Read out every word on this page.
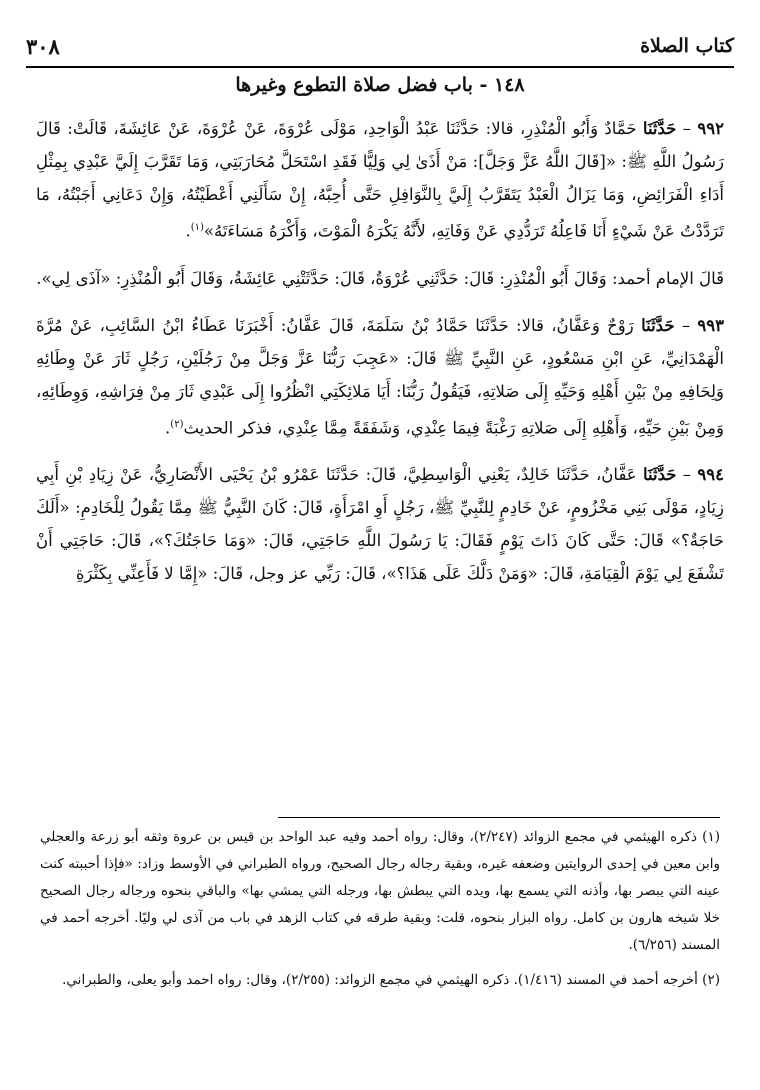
كتاب الصلاة
٣٠٨
١٤٨ - باب فضل صلاة التطوع وغيرها

٩٩٢ – حَدَّثَنَا حَمَّادٌ وَأَبُو الْمُنْذِرِ، قالا: حَدَّثَنَا عَبْدُ الْوَاحِدِ، مَوْلَى عُرْوَةَ، عَنْ عُرْوَةَ، عَنْ عَائِشَةَ، قَالَتْ: قَالَ رَسُولُ اللَّهِ ﷺ: «[قَالَ اللَّهُ عَزَّ وَجَلَّ]: مَنْ أَذَىٰ لِي وَلِيًّا فَقَدِ اسْتَحَلَّ مُحَارَبَتِي، وَمَا تَقَرَّبَ إِلَيَّ عَبْدِي بِمِثْلِ أَدَاءِ الْفَرَائِضِ، وَمَا يَزَالُ الْعَبْدُ يَتَقَرَّبُ إِلَيَّ بِالنَّوَافِلِ حَتَّى أُحِبَّهُ، إِنْ سَأَلَنِي أَعْطَيْتُهُ، وَإِنْ دَعَانِي أَجَبْتُهُ، مَا تَرَدَّدْتُ عَنْ شَيْءٍ أَنَا فَاعِلُهُ تَرَدُّدِي عَنْ وَفَاتِهِ، لأَنَّهُ يَكْرَهُ الْمَوْتَ، وَأَكْرَهُ مَسَاءَتَهُ»$^{(١)}$.

قَالَ الإمام أحمد: وَقَالَ أَبُو الْمُنْذِرِ: قَالَ: حَدَّثَنِي عُرْوَةُ، قَالَ: حَدَّثَتْنِي عَائِشَةُ، وَقَالَ أَبُو الْمُنْذِرِ: «آذَى لِي».

٩٩٣ – حَدَّثَنَا رَوْحٌ وَعَفَّانُ، قالا: حَدَّثَنَا حَمَّادُ بْنُ سَلَمَةَ، قَالَ عَفَّانُ: أَخْبَرَنَا عَطَاءُ ابْنُ السَّائِبِ، عَنْ مُرَّةَ الْهَمْدَانِيِّ، عَنِ ابْنِ مَسْعُودٍ، عَنِ النَّبِيِّ ﷺ قَالَ: «عَجِبَ رَبُّنَا عَزَّ وَجَلَّ مِنْ رَجُلَيْنِ، رَجُلٍ ثَارَ عَنْ وِطَائِهِ وَلِحَافِهِ مِنْ بَيْنِ أَهْلِهِ وَحَيِّهِ إِلَى صَلاتِهِ، فَيَقُولُ رَبُّنَا: أَيَا مَلائِكَتِي انْظُرُوا إِلَى عَبْدِي ثَارَ مِنْ فِرَاشِهِ، وَوِطَائِهِ، وَمِنْ بَيْنِ حَيِّهِ، وَأَهْلِهِ إِلَى صَلاتِهِ رَغْبَةً فِيمَا عِنْدِي، وَشَفَقَةً مِمَّا عِنْدِي، فذكر الحديث$^{(٢)}$.

٩٩٤ – حَدَّثَنَا عَفَّانُ، حَدَّثَنَا خَالِدٌ، يَعْنِي الْوَاسِطِيَّ، قَالَ: حَدَّثَنَا عَمْرُو بْنُ يَحْيَى الأَنْصَارِيُّ، عَنْ زِيَادِ بْنِ أَبِي زِيَادٍ، مَوْلَى بَنِي مَخْزُومٍ، عَنْ خَادِمٍ لِلنَّبِيِّ ﷺ، رَجُلٍ أَوِ امْرَأَةٍ، قَالَ: كَانَ النَّبِيُّ ﷺ مِمَّا يَقُولُ لِلْخَادِمِ: «أَلَكَ حَاجَةٌ؟» قَالَ: حَتَّى كَانَ ذَاتَ يَوْمٍ فَقَالَ: يَا رَسُولَ اللَّهِ حَاجَتِي، قَالَ: «وَمَا حَاجَتُكَ؟»، قَالَ: حَاجَتِي أَنْ تَشْفَعَ لِي يَوْمَ الْقِيَامَةِ، قَالَ: «وَمَنْ دَلَّكَ عَلَى هَذَا؟»، قَالَ: رَبِّي عز وجل، قَالَ: «إِمَّا لا فَأَعِنِّي بِكَثْرَةِ

(١) ذكره الهيثمي في مجمع الزوائد (٢/٢٤٧)، وقال: رواه أحمد وفيه عبد الواحد بن قيس بن عروة وثقه أبو زرعة والعجلي وابن معين في إحدى الروايتين وضعفه غيره، وبقية رجاله رجال الصحيح، ورواه الطبراني في الأوسط وزاد: «فإذا أحببته كنت عينه التي يبصر بها، وأذنه التي يسمع بها، ويده التي يبطش بها، ورجله التي يمشي بها» والباقي بنحوه ورجاله رجال الصحيح خلا شيخه هارون بن كامل. رواه البزار بنحوه، قلت: وبقية طرقه في كتاب الزهد في باب من آذى لي وليًا. أخرجه أحمد في المسند (٦/٢٥٦).

(٢) أخرجه أحمد في المسند (١/٤١٦). ذكره الهيثمي في مجمع الزوائد: (٢/٢٥٥)، وقال: رواه احمد وأبو يعلى، والطبراني.
